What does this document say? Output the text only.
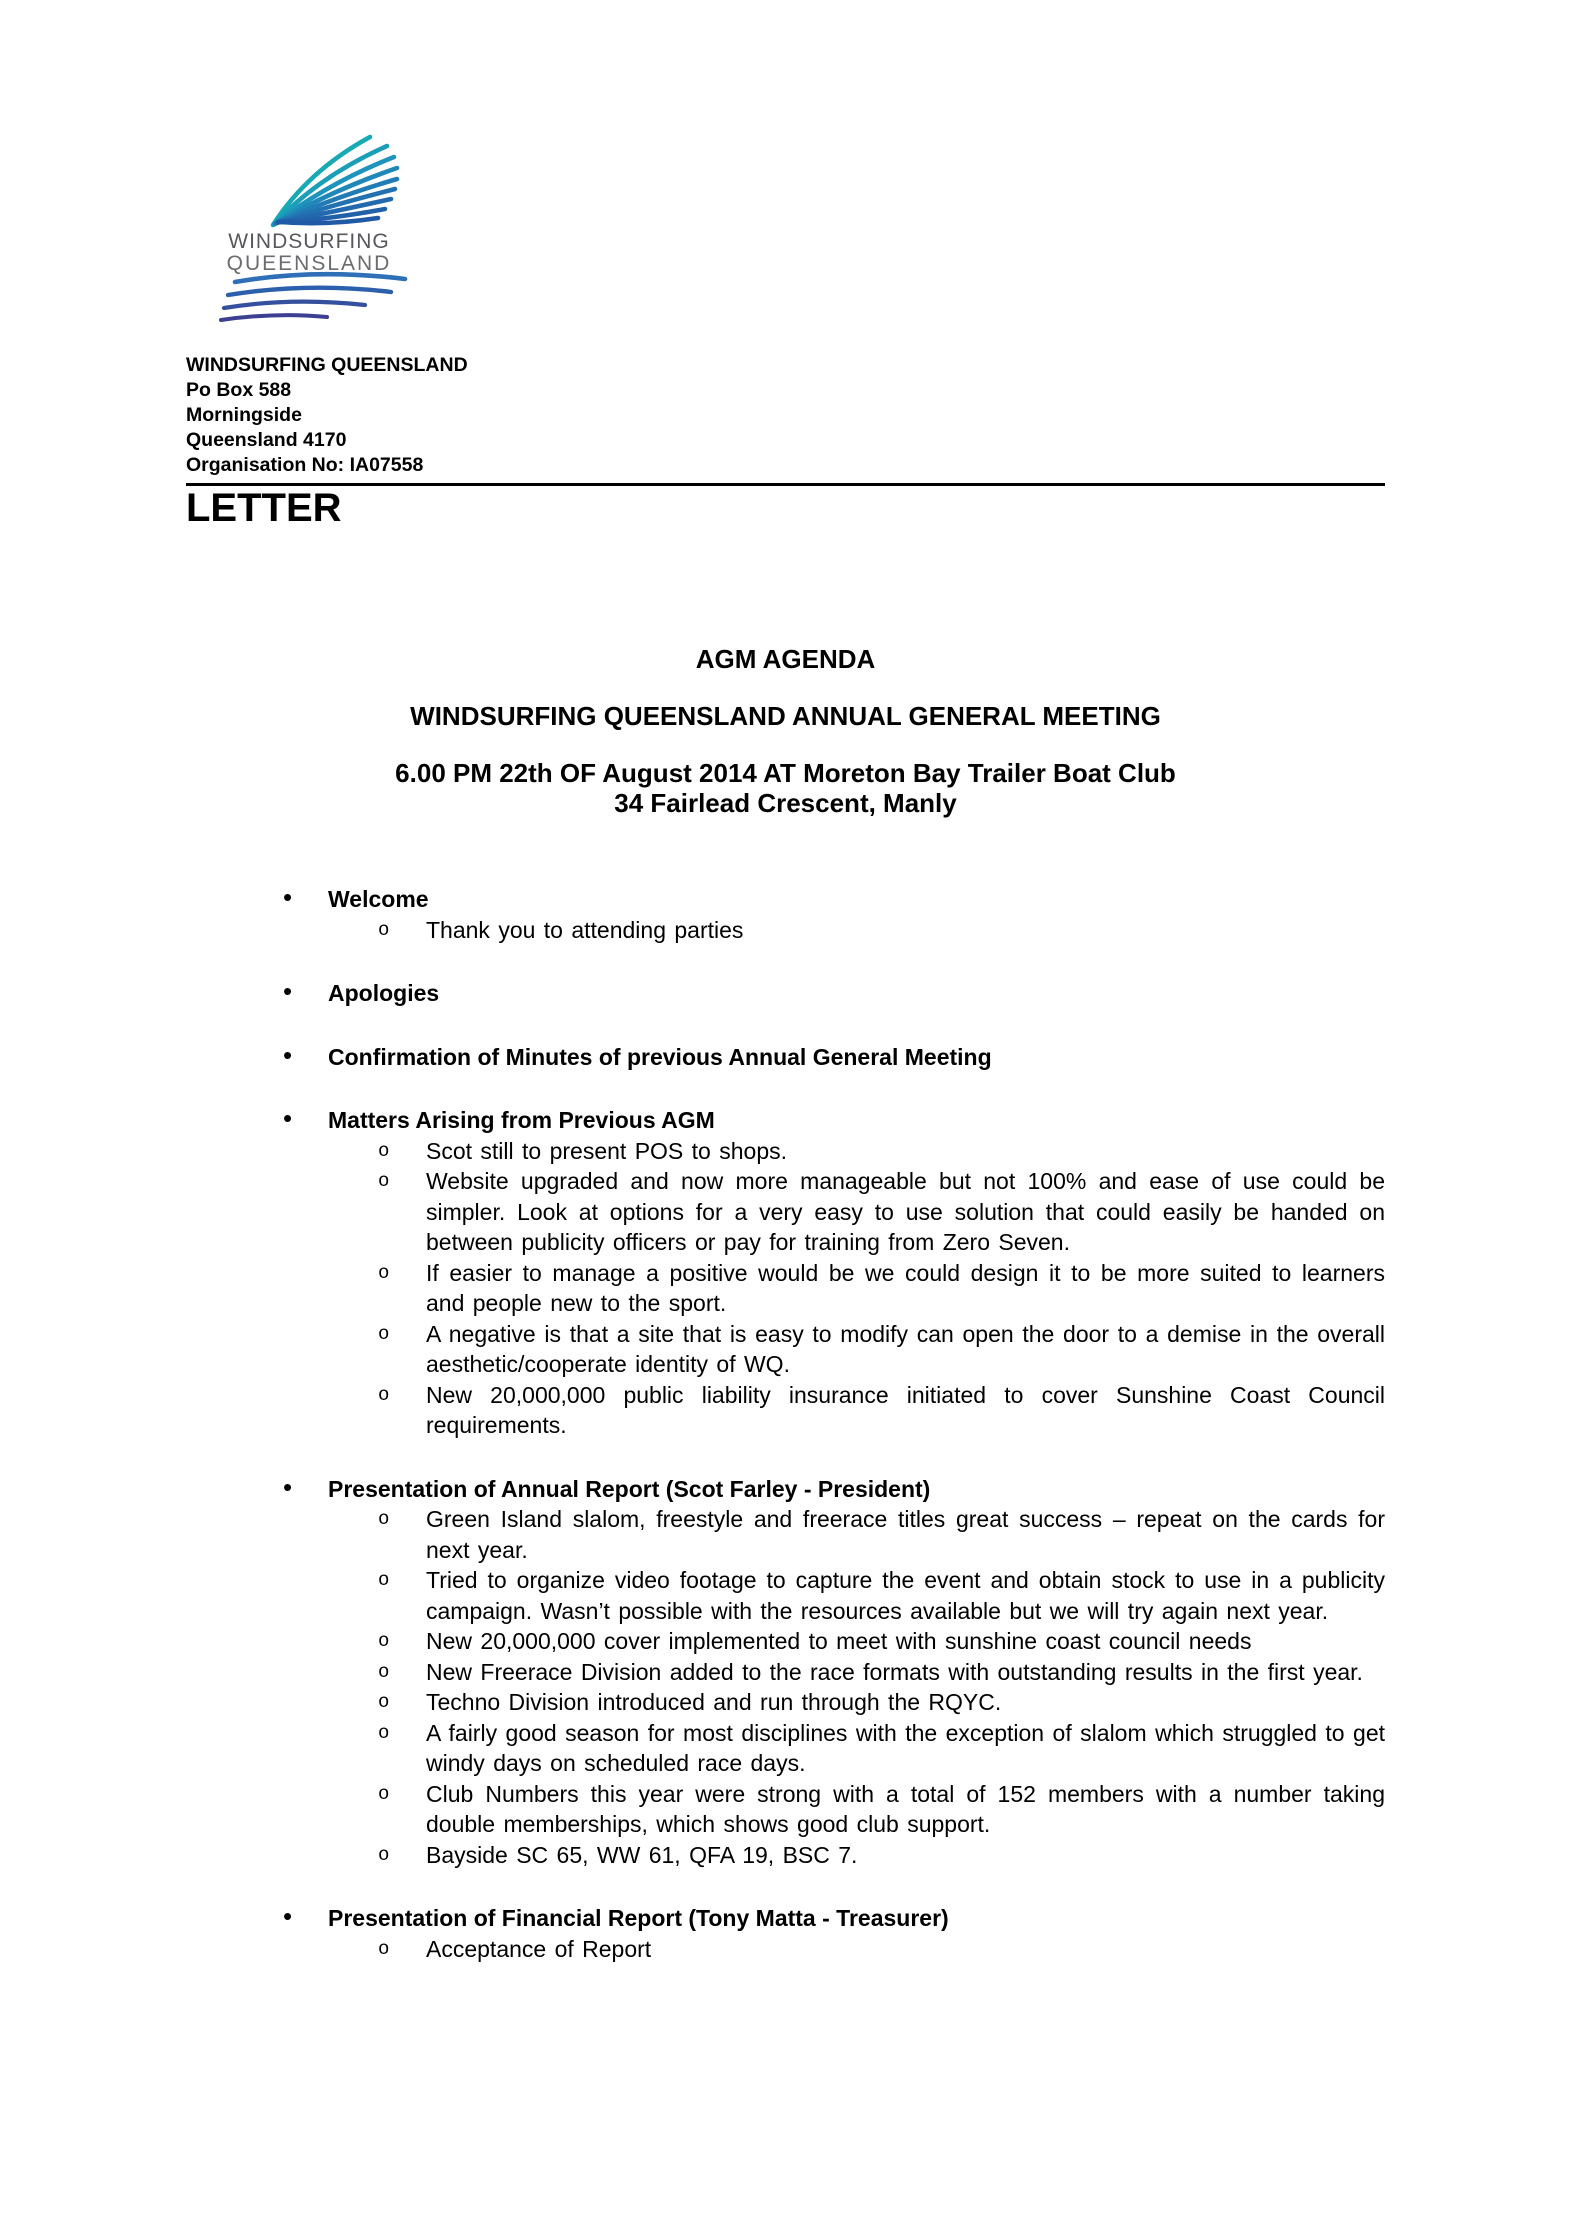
WINDSURFING
QUEENSLAND
WINDSURFING QUEENSLAND
Po Box 588
Morningside
Queensland 4170
Organisation No: IA07558
LETTER
AGM AGENDA
WINDSURFING QUEENSLAND ANNUAL GENERAL MEETING
6.00 PM 22th OF August 2014 AT Moreton Bay Trailer Boat Club
34 Fairlead Crescent, Manly
• Welcome
o Thank you to attending parties
• Apologies
• Confirmation of Minutes of previous Annual General Meeting
• Matters Arising from Previous AGM
o Scot still to present POS to shops.
o Website upgraded and now more manageable but not 100% and ease of use could be simpler. Look at options for a very easy to use solution that could easily be handed on between publicity officers or pay for training from Zero Seven.
o If easier to manage a positive would be we could design it to be more suited to learners and people new to the sport.
o A negative is that a site that is easy to modify can open the door to a demise in the overall aesthetic/cooperate identity of WQ.
o New 20,000,000 public liability insurance initiated to cover Sunshine Coast Council requirements.
• Presentation of Annual Report (Scot Farley - President)
o Green Island slalom, freestyle and freerace titles great success – repeat on the cards for next year.
o Tried to organize video footage to capture the event and obtain stock to use in a publicity campaign. Wasn’t possible with the resources available but we will try again next year.
o New 20,000,000 cover implemented to meet with sunshine coast council needs
o New Freerace Division added to the race formats with outstanding results in the first year.
o Techno Division introduced and run through the RQYC.
o A fairly good season for most disciplines with the exception of slalom which struggled to get windy days on scheduled race days.
o Club Numbers this year were strong with a total of 152 members with a number taking double memberships, which shows good club support.
o Bayside SC 65, WW 61, QFA 19, BSC 7.
• Presentation of Financial Report (Tony Matta - Treasurer)
o Acceptance of Report
